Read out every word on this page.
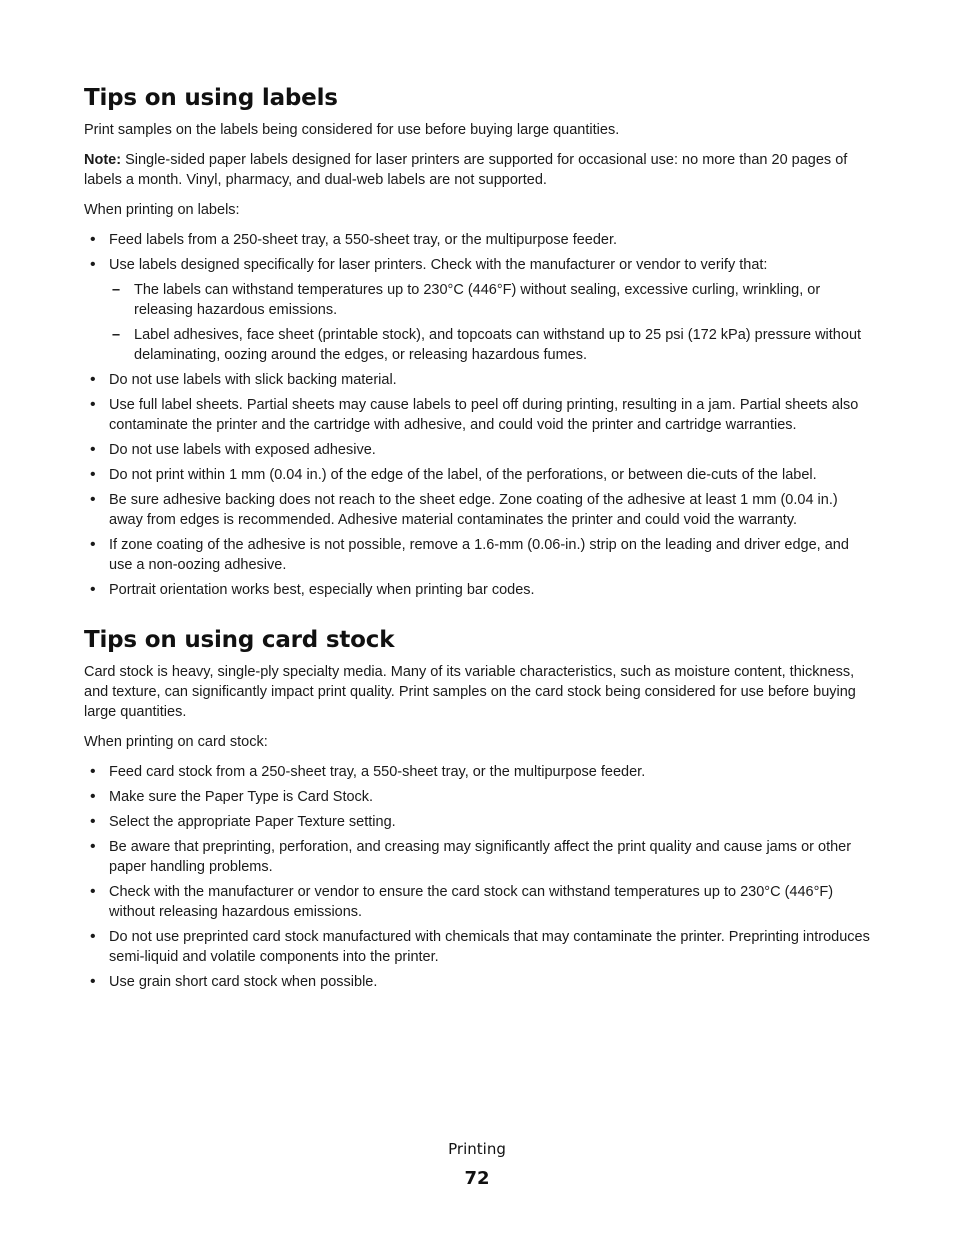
Tips on using labels

Print samples on the labels being considered for use before buying large quantities.

Note: Single-sided paper labels designed for laser printers are supported for occasional use: no more than 20 pages of labels a month. Vinyl, pharmacy, and dual-web labels are not supported.

When printing on labels:

• Feed labels from a 250-sheet tray, a 550-sheet tray, or the multipurpose feeder.
• Use labels designed specifically for laser printers. Check with the manufacturer or vendor to verify that:
– The labels can withstand temperatures up to 230°C (446°F) without sealing, excessive curling, wrinkling, or releasing hazardous emissions.
– Label adhesives, face sheet (printable stock), and topcoats can withstand up to 25 psi (172 kPa) pressure without delaminating, oozing around the edges, or releasing hazardous fumes.
• Do not use labels with slick backing material.
• Use full label sheets. Partial sheets may cause labels to peel off during printing, resulting in a jam. Partial sheets also contaminate the printer and the cartridge with adhesive, and could void the printer and cartridge warranties.
• Do not use labels with exposed adhesive.
• Do not print within 1 mm (0.04 in.) of the edge of the label, of the perforations, or between die-cuts of the label.
• Be sure adhesive backing does not reach to the sheet edge. Zone coating of the adhesive at least 1 mm (0.04 in.) away from edges is recommended. Adhesive material contaminates the printer and could void the warranty.
• If zone coating of the adhesive is not possible, remove a 1.6-mm (0.06-in.) strip on the leading and driver edge, and use a non-oozing adhesive.
• Portrait orientation works best, especially when printing bar codes.
Tips on using card stock

Card stock is heavy, single-ply specialty media. Many of its variable characteristics, such as moisture content, thickness, and texture, can significantly impact print quality. Print samples on the card stock being considered for use before buying large quantities.

When printing on card stock:

• Feed card stock from a 250-sheet tray, a 550-sheet tray, or the multipurpose feeder.
• Make sure the Paper Type is Card Stock.
• Select the appropriate Paper Texture setting.
• Be aware that preprinting, perforation, and creasing may significantly affect the print quality and cause jams or other paper handling problems.
• Check with the manufacturer or vendor to ensure the card stock can withstand temperatures up to 230°C (446°F) without releasing hazardous emissions.
• Do not use preprinted card stock manufactured with chemicals that may contaminate the printer. Preprinting introduces semi-liquid and volatile components into the printer.
• Use grain short card stock when possible.
Printing
72
